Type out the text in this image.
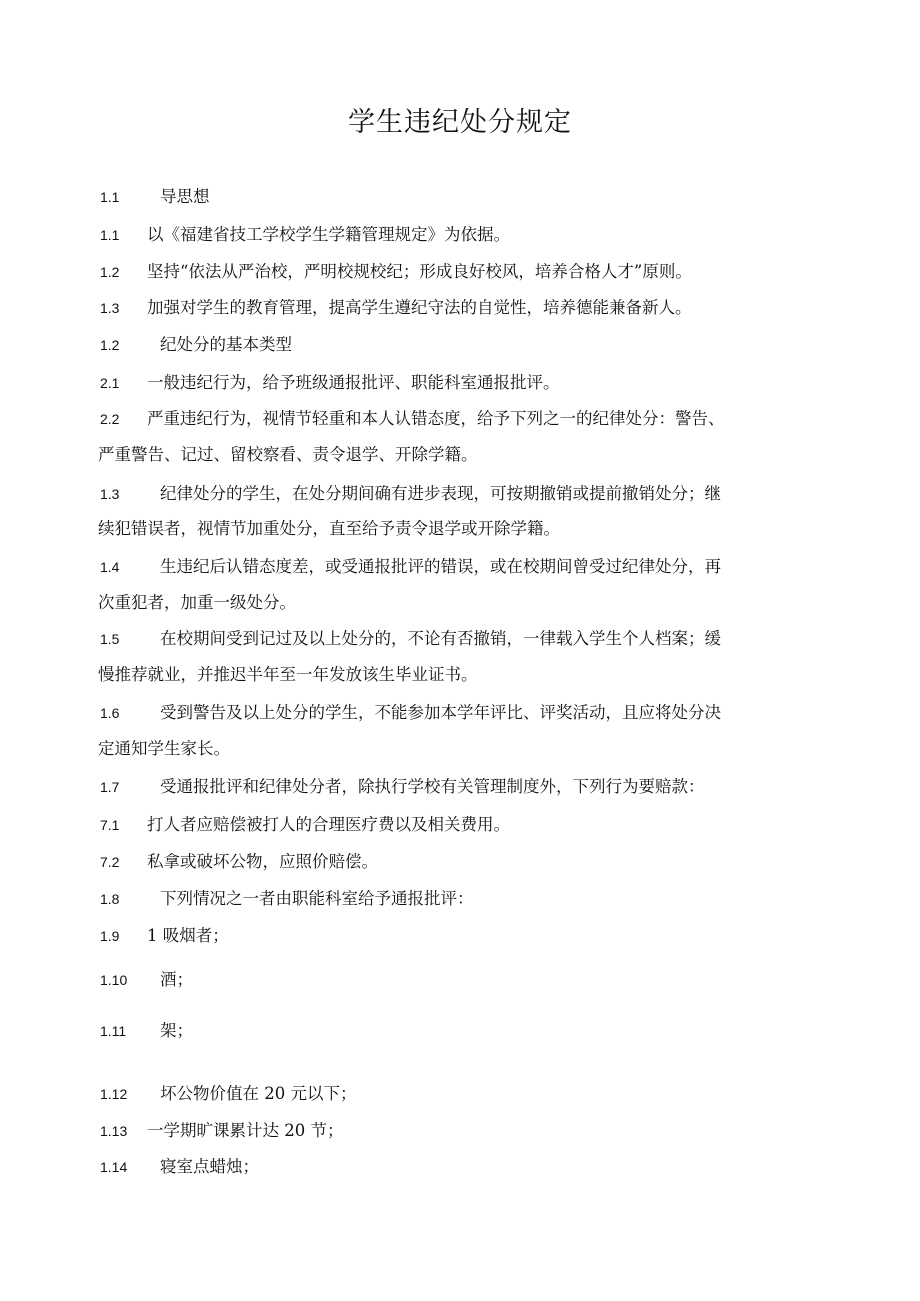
学生违纪处分规定
1.1 导思想
1.1 以《福建省技工学校学生学籍管理规定》为依据。
1.2 坚持“依法从严治校，严明校规校纪；形成良好校风，培养合格人才”原则。
1.3 加强对学生的教育管理，提高学生遵纪守法的自觉性，培养德能兼备新人。
1.2 纪处分的基本类型
2.1 一般违纪行为，给予班级通报批评、职能科室通报批评。
2.2 严重违纪行为，视情节轻重和本人认错态度，给予下列之一的纪律处分：警告、
严重警告、记过、留校察看、责令退学、开除学籍。
1.3 纪律处分的学生，在处分期间确有进步表现，可按期撤销或提前撤销处分；继
续犯错误者，视情节加重处分，直至给予责令退学或开除学籍。
1.4 生违纪后认错态度差，或受通报批评的错误，或在校期间曾受过纪律处分，再
次重犯者，加重一级处分。
1.5 在校期间受到记过及以上处分的，不论有否撤销，一律载入学生个人档案；缓
慢推荐就业，并推迟半年至一年发放该生毕业证书。
1.6 受到警告及以上处分的学生，不能参加本学年评比、评奖活动，且应将处分决
定通知学生家长。
1.7 受通报批评和纪律处分者，除执行学校有关管理制度外，下列行为要赔款：
7.1 打人者应赔偿被打人的合理医疗费以及相关费用。
7.2 私拿或破坏公物，应照价赔偿。
1.8 下列情况之一者由职能科室给予通报批评：
1.9 1 吸烟者；
1.10 酒；
1.11 架；
1.12 坏公物价值在 20 元以下；
1.13 一学期旷课累计达 20 节；
1.14 寝室点蜡烛；
